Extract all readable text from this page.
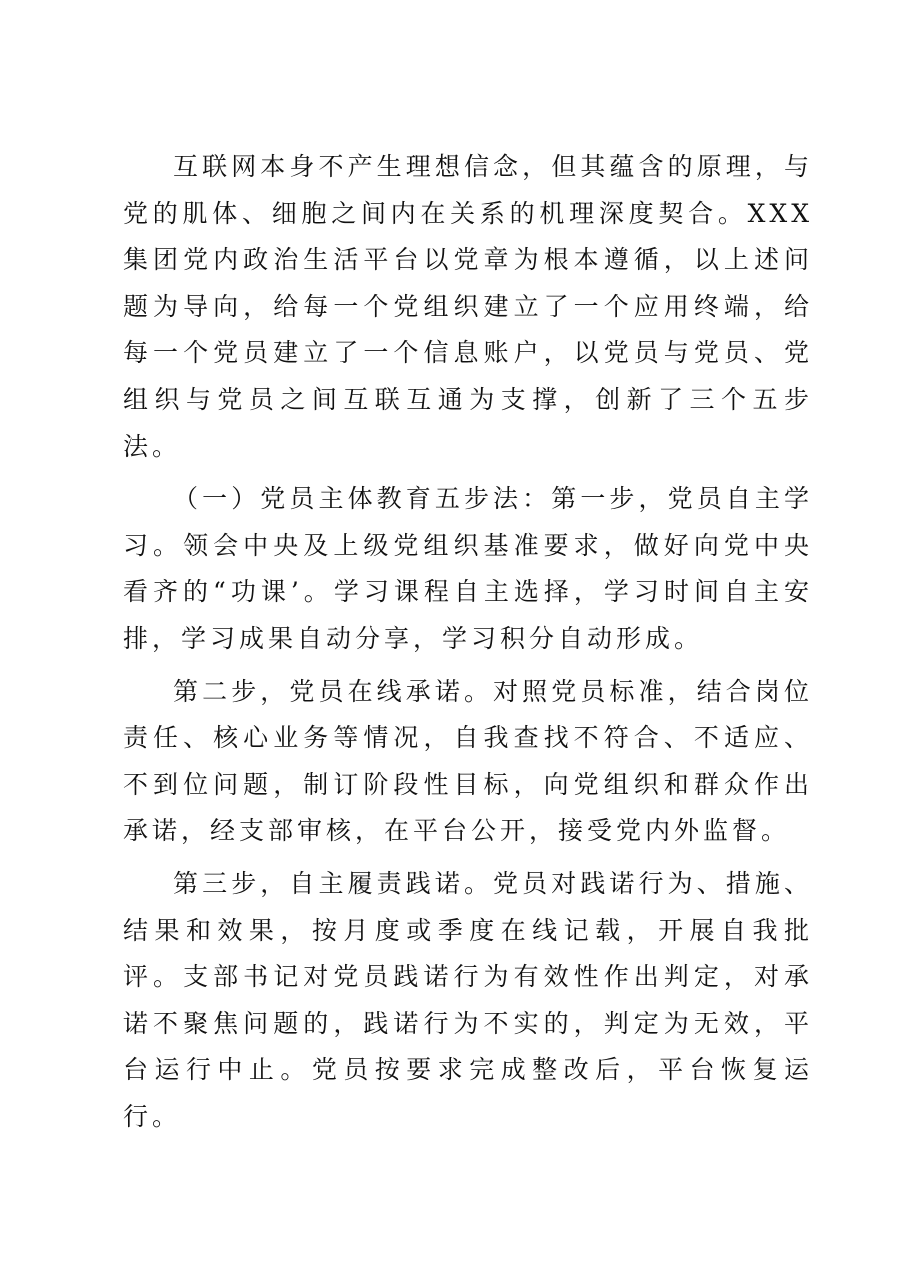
互联网本身不产生理想信念，但其蕴含的原理，与党的肌体、细胞之间内在关系的机理深度契合。XXX集团党内政治生活平台以党章为根本遵循，以上述问题为导向，给每一个党组织建立了一个应用终端，给每一个党员建立了一个信息账户，以党员与党员、党组织与党员之间互联互通为支撑，创新了三个五步法。

（一）党员主体教育五步法：第一步，党员自主学习。领会中央及上级党组织基准要求，做好向党中央看齐的“功课’。学习课程自主选择，学习时间自主安排，学习成果自动分享，学习积分自动形成。

第二步，党员在线承诺。对照党员标准，结合岗位责任、核心业务等情况，自我查找不符合、不适应、不到位问题，制订阶段性目标，向党组织和群众作出承诺，经支部审核，在平台公开，接受党内外监督。

第三步，自主履责践诺。党员对践诺行为、措施、结果和效果，按月度或季度在线记载，开展自我批评。支部书记对党员践诺行为有效性作出判定，对承诺不聚焦问题的，践诺行为不实的，判定为无效，平台运行中止。党员按要求完成整改后，平台恢复运行。
